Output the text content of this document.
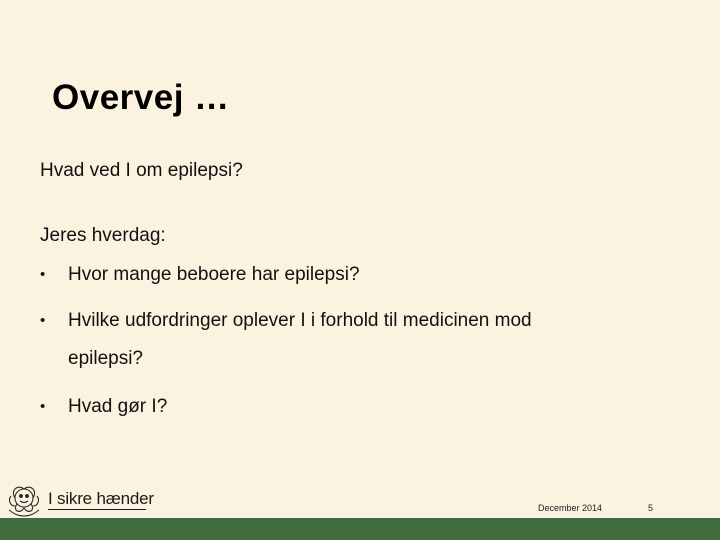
Overvej …
Hvad ved I om epilepsi?
Jeres hverdag:
• Hvor mange beboere har epilepsi?
• Hvilke udfordringer oplever I i forhold til medicinen mod
epilepsi?
• Hvad gør I?
I sikre hænder	December 2014	5
